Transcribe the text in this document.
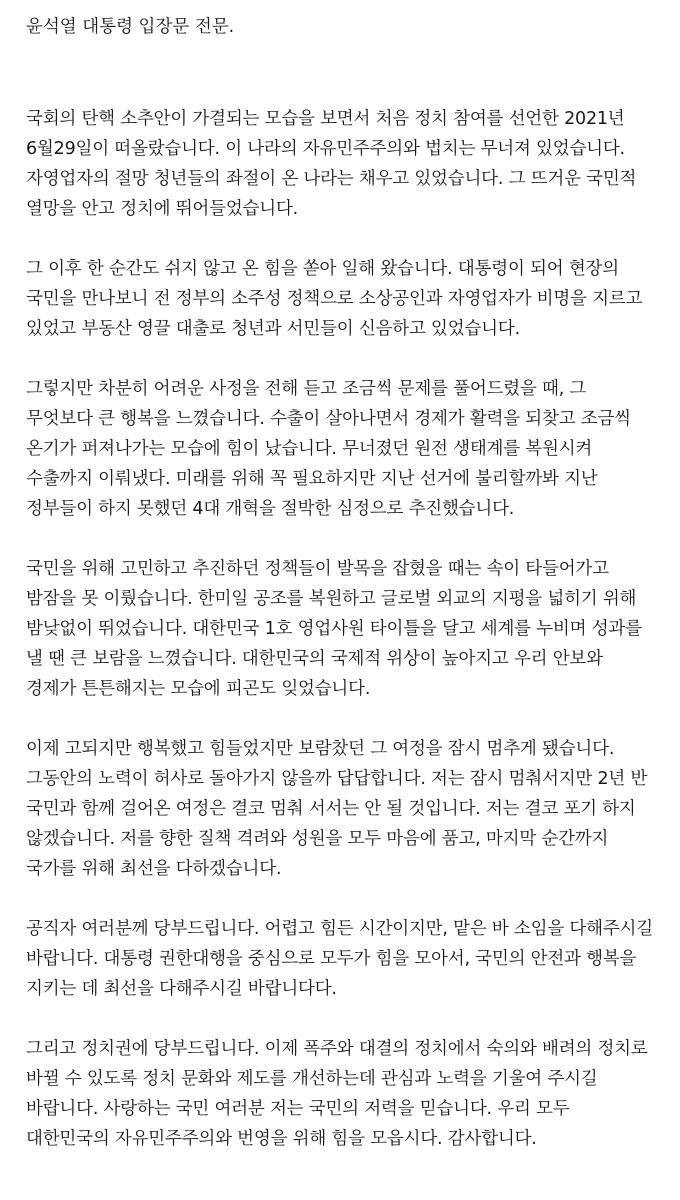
윤석열 대통령 입장문 전문.
국회의 탄핵 소추안이 가결되는 모습을 보면서 처음 정치 참여를 선언한 2021년
6월29일이 떠올랐습니다. 이 나라의 자유민주주의와 법치는 무너져 있었습니다.
자영업자의 절망 청년들의 좌절이 온 나라는 채우고 있었습니다. 그 뜨거운 국민적
열망을 안고 정치에 뛰어들었습니다.
그 이후 한 순간도 쉬지 않고 온 힘을 쏟아 일해 왔습니다. 대통령이 되어 현장의
국민을 만나보니 전 정부의 소주성 정책으로 소상공인과 자영업자가 비명을 지르고
있었고 부동산 영끌 대출로 청년과 서민들이 신음하고 있었습니다.
그렇지만 차분히 어려운 사정을 전해 듣고 조금씩 문제를 풀어드렸을 때, 그
무엇보다 큰 행복을 느꼈습니다. 수출이 살아나면서 경제가 활력을 되찾고 조금씩
온기가 퍼져나가는 모습에 힘이 났습니다. 무너졌던 원전 생태계를 복원시켜
수출까지 이뤄냈다. 미래를 위해 꼭 필요하지만 지난 선거에 불리할까봐 지난
정부들이 하지 못했던 4대 개혁을 절박한 심정으로 추진했습니다.
국민을 위해 고민하고 추진하던 정책들이 발목을 잡혔을 때는 속이 타들어가고
밤잠을 못 이뤘습니다. 한미일 공조를 복원하고 글로벌 외교의 지평을 넓히기 위해
밤낮없이 뛰었습니다. 대한민국 1호 영업사원 타이틀을 달고 세계를 누비며 성과를
낼 땐 큰 보람을 느꼈습니다. 대한민국의 국제적 위상이 높아지고 우리 안보와
경제가 튼튼해지는 모습에 피곤도 잊었습니다.
이제 고되지만 행복했고 힘들었지만 보람찼던 그 여정을 잠시 멈추게 됐습니다.
그동안의 노력이 허사로 돌아가지 않을까 답답합니다. 저는 잠시 멈춰서지만 2년 반
국민과 함께 걸어온 여정은 결코 멈춰 서서는 안 될 것입니다. 저는 결코 포기 하지
않겠습니다. 저를 향한 질책 격려와 성원을 모두 마음에 품고, 마지막 순간까지
국가를 위해 최선을 다하겠습니다.
공직자 여러분께 당부드립니다. 어렵고 힘든 시간이지만, 맡은 바 소임을 다해주시길
바랍니다. 대통령 권한대행을 중심으로 모두가 힘을 모아서, 국민의 안전과 행복을
지키는 데 최선을 다해주시길 바랍니다다.
그리고 정치권에 당부드립니다. 이제 폭주와 대결의 정치에서 숙의와 배려의 정치로
바뀔 수 있도록 정치 문화와 제도를 개선하는데 관심과 노력을 기울여 주시길
바랍니다. 사랑하는 국민 여러분 저는 국민의 저력을 믿습니다. 우리 모두
대한민국의 자유민주주의와 번영을 위해 힘을 모읍시다. 감사합니다.
